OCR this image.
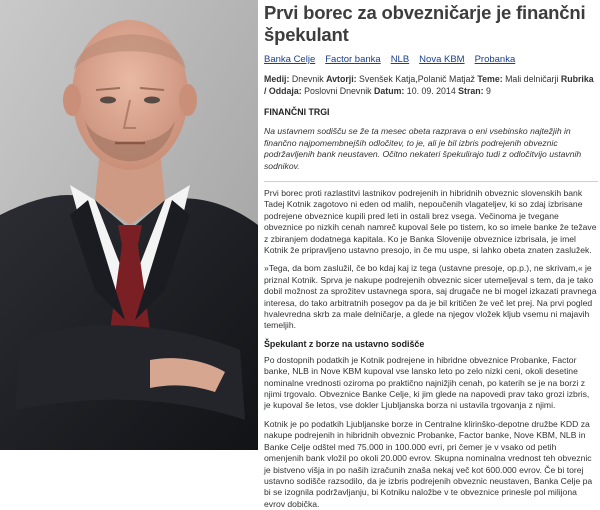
Prvi borec za obvezničarje je finančni špekulant
Banka Celje Factor banka NLB Nova KBM Probanka
Medij: Dnevnik Avtorji: Svenšek Katja,Polanič Matjaž Teme: Mali delničarji Rubrika / Oddaja: Poslovni Dnevnik Datum: 10. 09. 2014 Stran: 9
FINANČNI TRGI

Na ustavnem sodišču se že ta mesec obeta razprava o eni vsebinsko najtežjih in finančno najpomembnejših odločitev, to je, ali je bil izbris podrejenih obveznic podržavljenih bank neustaven. Očitno nekateri špekulirajo tudi z odločitvijo ustavnih sodnikov.

Prvi borec proti razlastitvi lastnikov podrejenih in hibridnih obveznic slovenskih bank Tadej Kotnik zagotovo ni eden od malih, nepoučenih vlagateljev, ki so zdaj izbrisane podrejene obveznice kupili pred leti in ostali brez vsega. Večinoma je tvegane obveznice po nizkih cenah namreč kupoval šele po tistem, ko so imele banke že težave z zbiranjem dodatnega kapitala. Ko je Banka Slovenije obveznice izbrisala, je imel Kotnik že pripravljeno ustavno presojo, in če mu uspe, si lahko obeta znaten zaslužek.

»Tega, da bom zaslužil, če bo kdaj kaj iz tega (ustavne presoje, op.p.), ne skrivam,« je priznal Kotnik. Sprva je nakupe podrejenih obveznic sicer utemeljeval s tem, da je tako dobil možnost za sprožitev ustavnega spora, saj drugače ne bi mogel izkazati pravnega interesa, do tako arbitratnih posegov pa da je bil kritičen že več let prej. Na prvi pogled hvalevredna skrb za male delničarje, a glede na njegov vložek kljub vsemu ni majavih temeljih.

Špekulant z borze na ustavno sodišče

Po dostopnih podatkih je Kotnik podrejene in hibridne obveznice Probanke, Factor banke, NLB in Nove KBM kupoval vse lansko leto po zelo nizki ceni, okoli desetine nominalne vrednosti oziroma po praktično najnižjih cenah, po katerih se je na borzi z njimi trgovalo. Obveznice Banke Celje, ki jim glede na napovedi prav tako grozi izbris, je kupoval še letos, vse dokler Ljubljanska borza ni ustavila trgovanja z njimi.

Kotnik je po podatkih Ljubljanske borze in Centralne klirinško-depotne družbe KDD za nakupe podrejenih in hibridnih obveznic Probanke, Factor banke, Nove KBM, NLB in Banke Celje odštel med 75.000 in 100.000 evri, pri čemer je v vsako od petih omenjenih bank vložil po okoli 20.000 evrov. Skupna nominalna vrednost teh obveznic je bistveno višja in po naših izračunih znaša nekaj več kot 600.000 evrov. Če bi torej ustavno sodišče razsodilo, da je izbris podrejenih obveznic neustaven, Banka Celje pa bi se izognila podržavljanju, bi Kotniku naložbe v te obveznice prinesle pol milijona evrov dobička.
